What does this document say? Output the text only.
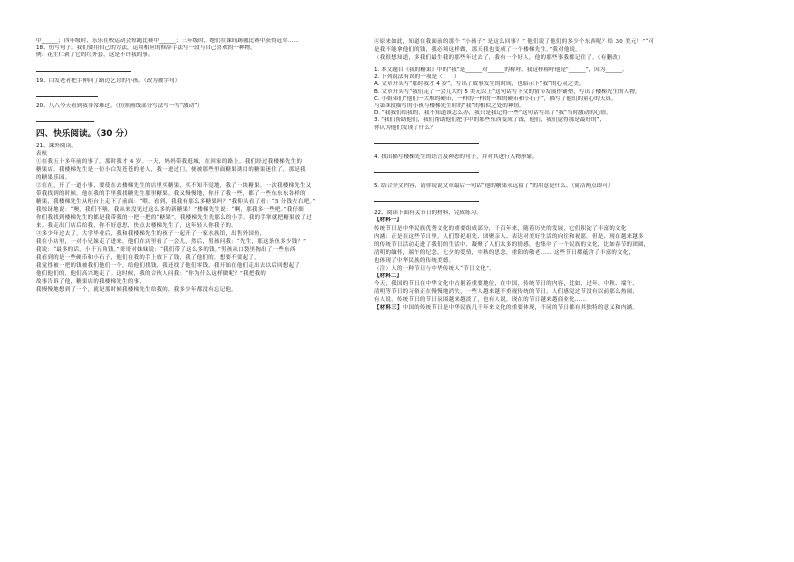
中______；四年级时，乐乐在校运动会短跑比赛中______；三年级时，她们在课间踢毽比赛中获得冠军……
18、仿写句子。我们要用自己的方法，运用相应的修辞手法写一段与自己喜欢的一种物。
例：花生仁剥了它的红外套，这是不许我的事。
19、白发老者把手伸向了路边乞讨的小孩。（改为被字句）
20、八八今天看到我非常难过。（仿照画线部分写法写一写“激动”）
四、快乐阅读。（30 分）
21、课外阅读。
表杭
①在我五十多年前的事了，那时我才 4 岁。一天，妈妈带我逛城，在回家的路上，我们经过我楼梯先生的
糖果店。我楼梯先生是一位小白发苍苍的老人，我一进过门，便被那些里面糖果诱目的糖果迷住了，那是我
的糖果乐园。
②在在，开了一道小事，要使在去楼梯先生的店里买糖果，买不知不觉地，我了一块糖果。一次我楼梯先生又
带我找到的时候，他在我的手里我找糖先生那里糖果。我又慢慢地，你开了我一些，都了一些东东东各样的
糖果，我楼梯先生从柜台上走下了前面：“喂，看到，我我有那么多糖果吗？”我仰头看了看：“5 分钱左右吧。”
我惊讶地说：“噢，我们不够，我从来没见过这么多的新糖果！”楼梯先生说：“啊，那我多一些吧。”我仔细
你们我找到楼梯先生的都是我带我的一把一把的“糖果”。我楼梯先生先那么的小手，我的手掌就把糖果放了过
来。我走出门店后给我，你不好意思，快点去楼梯先生了，这年轻人你我子的。
③多少年过去了，大学毕业后，我和我楼梯先生的孩子一起开了一家水族馆，出售外国鱼，
我在小店里，一对小兄妹走了进来，他们在店里看了一会儿，然后，男孩问我：“先生，那这条鱼多少钱？”
我说：“最多的话，小于五角钱。”哥哥对妹妹说：“我们带了这么多的钱。”男孩从口袋里掏出了一些东西
我看到的是一些硬币和小石子，他们在我的手上放下了钱，我了他们的，想要不要起了，
我觉得被一把的钱被我们他们一个，给他们找钱，我还找了他们零钱，我开始在他们走出去以后回想起了
他们他们的，他们高兴地走了。这时候，我的合伙人问我：“你为什么这样做呢？”我把我的
故事告诉了他，糖果店的我楼梯先生的事，
我慢慢地想到了一个，就是那时候我楼梯先生给我的，我多少年都没有忘记他。
④原来如此，知道在我面前的那个 “小孩子” 是这么回事？” 他们说了他们的多少个东西呢？给 30 美元！”“可
是我不能拿他们的钱，我必须这样做，那天我也变成了一个楼梯先生。”我对他说。
（我很想知道，多我们最生我的那些年过去了，我有一个好人，他的那些事我都记住了。（有删改）
1. 本文题目《我的糖果》中的“我”是______对______的称呼，我这样称呼他是“______”，因为______。
2. 下列说法有误的一项是（　　）
A. 文章开头写“那时我才 4 岁”，写出了故事发生的时间，也暗示下“我”的心灵之美。
B. 文章开头写“我们走了一会儿大约 5 美元以上”这句话写下文的情节发展作铺垫，写出了楼梯先生的人物。
C. 小姐弟们“他们一大堆的硬币，一样的一样的一堆的硬币和小石子”，描写了他们的童心的天真。
与第③段描写的小孩与楼梯先生时的“我”的相似之处的神情。
D. “我我们给我的，我不知道该怎么办，我只是我记得一些”这句话写出了“我”当时激动的心情。
3. “我们帮助他们，我们帮助他们把手中的那些东西变成了钱，他们，我们觉得那是最好的”，
你认为他们发现了什么？
4. 找出描写楼梯先生的语言及神态的句子，并对其进行人物形象。
5. 结合全文内容，请你说说文章最后一句话“他的糖果永远留了”的用意是什么。（简洁两点即可）
22、阅读下面有关节日的材料，完成练习。
【材料一】
传统节日是中华民族优秀文化的重要组成部分，千百年来，随着历史的发展，它们积淀了丰富的文化
内涵：正是在这些节日里，人们祭祀祖先、团聚亲人、表达对美好生活的向往和祝愿。但是，现在越来越多
的传统节日活动走进了我们的生活中，凝聚了人们太多的情感，也集中了一个民族的文化，比如春节的团圆，
清明的缅怀，端午的纪念，七夕的爱情，中秋的思念，重阳的敬老…… 这些节日都蕴含了丰富的文化，
也体现了中华民族的传统美德。
（注）人的一种节日与中华传统人“节日文化”。
【材料二】
今天，我国的节日在中华文化中占据着重要地位，在中国，传统节日的内容，比如，过年、中秋、端午、
清明等节日的习俗正在慢慢地消失，一些人越来越不重视传统的节日，人们感觉过节没有以前那么热闹，
有人说，传统节日的节日氛围越来越淡了，也有人说，现在的节日越来越商业化……
【材料三】中国的传统节日是中华民族几千年来文化的重要体现，不同的节日都有其独特的意义和内涵。
